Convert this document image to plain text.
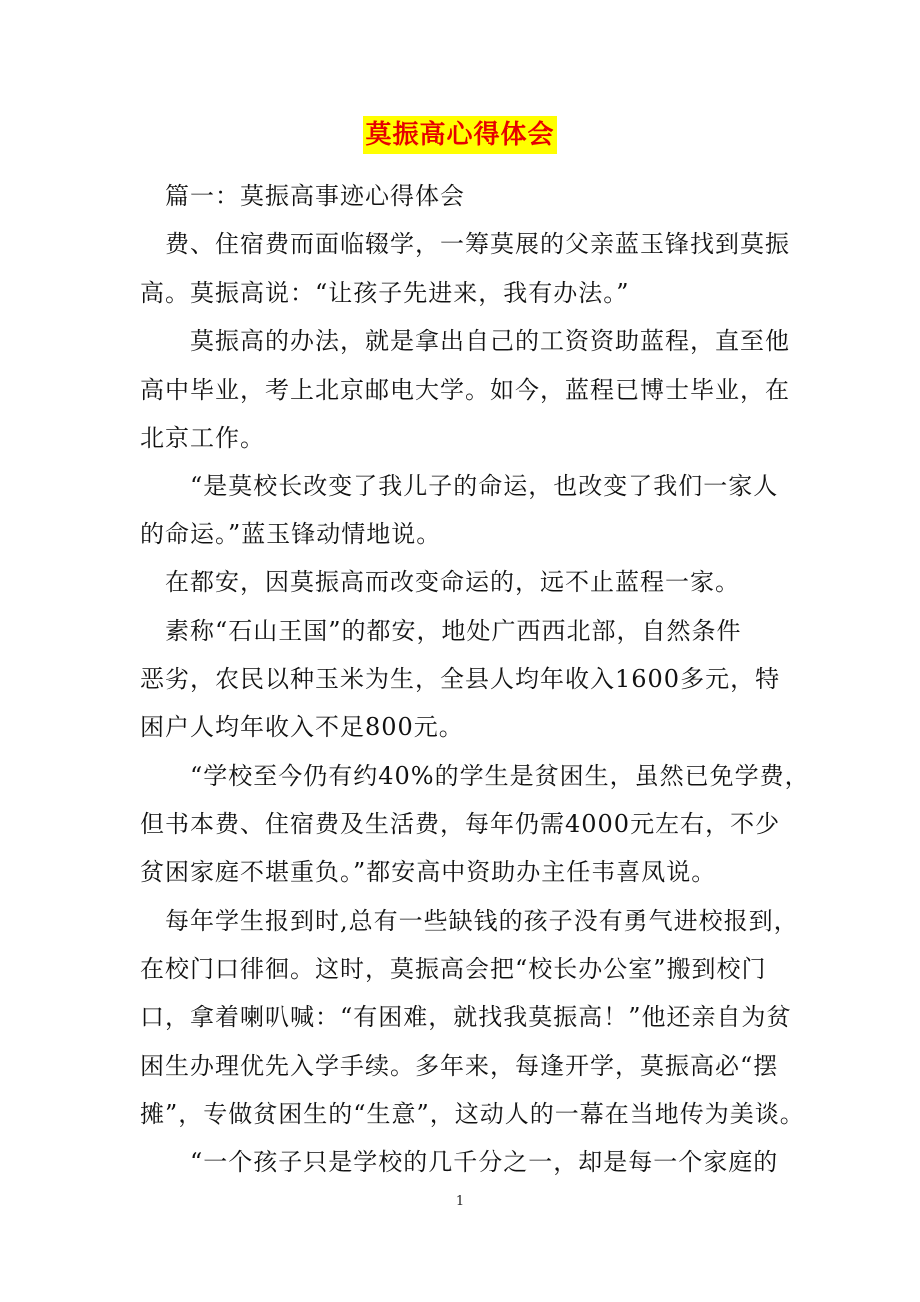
莫振高心得体会
　篇一：莫振高事迹心得体会
　费、住宿费而面临辍学，一筹莫展的父亲蓝玉锋找到莫振
高。莫振高说：“让孩子先进来，我有办法。”
　　莫振高的办法，就是拿出自己的工资资助蓝程，直至他
高中毕业，考上北京邮电大学。如今，蓝程已博士毕业，在
北京工作。
　　“是莫校长改变了我儿子的命运，也改变了我们一家人
的命运。”蓝玉锋动情地说。
　在都安，因莫振高而改变命运的，远不止蓝程一家。
　素称“石山王国”的都安，地处广西西北部，自然条件
恶劣，农民以种玉米为生，全县人均年收入1600多元，特
困户人均年收入不足800元。
　　“学校至今仍有约40%的学生是贫困生，虽然已免学费，
但书本费、住宿费及生活费，每年仍需4000元左右，不少
贫困家庭不堪重负。”都安高中资助办主任韦喜凤说。
　每年学生报到时,总有一些缺钱的孩子没有勇气进校报到，
在校门口徘徊。这时，莫振高会把“校长办公室”搬到校门
口，拿着喇叭喊：“有困难，就找我莫振高！”他还亲自为贫
困生办理优先入学手续。多年来，每逢开学，莫振高必“摆
摊”，专做贫困生的“生意”，这动人的一幕在当地传为美谈。
　　“一个孩子只是学校的几千分之一，却是每一个家庭的
1
